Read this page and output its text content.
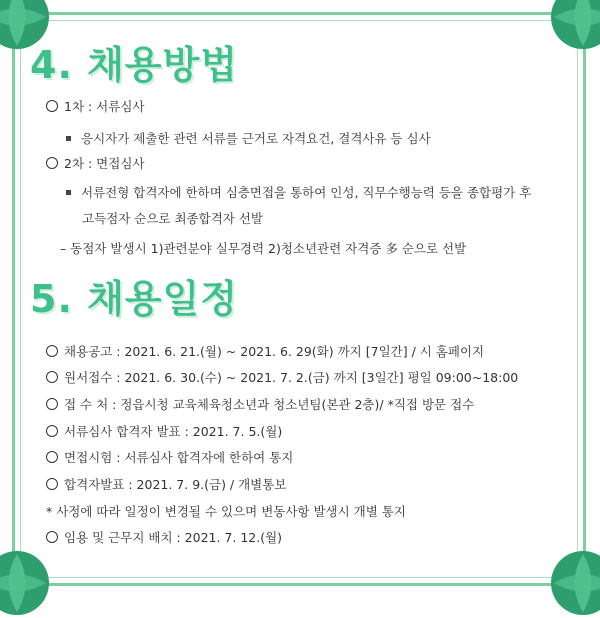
4. 채용방법
1차 : 서류심사
응시자가 제출한 관련 서류를 근거로 자격요건, 결격사유 등 심사
2차 : 면접심사
서류전형 합격자에 한하며 심층면접을 통하여 인성, 직무수행능력 등을 종합평가 후
고득점자 순으로 최종합격자 선발
– 동점자 발생시 1)관련분야 실무경력 2)청소년관련 자격증 多 순으로 선발
5. 채용일정
채용공고 : 2021. 6. 21.(월) ~ 2021. 6. 29(화) 까지 [7일간] / 시 홈페이지
원서접수 : 2021. 6. 30.(수) ~ 2021. 7. 2.(금) 까지 [3일간] 평일 09:00~18:00
접 수 처 : 정읍시청 교육체육청소년과 청소년팀(본관 2층)/ *직접 방문 접수
서류심사 합격자 발표 : 2021. 7. 5.(월)
면접시험 : 서류심사 합격자에 한하여 통지
합격자발표 : 2021. 7. 9.(금) / 개별통보
* 사정에 따라 일정이 변경될 수 있으며 변동사항 발생시 개별 통지
임용 및 근무지 배치 : 2021. 7. 12.(월)
